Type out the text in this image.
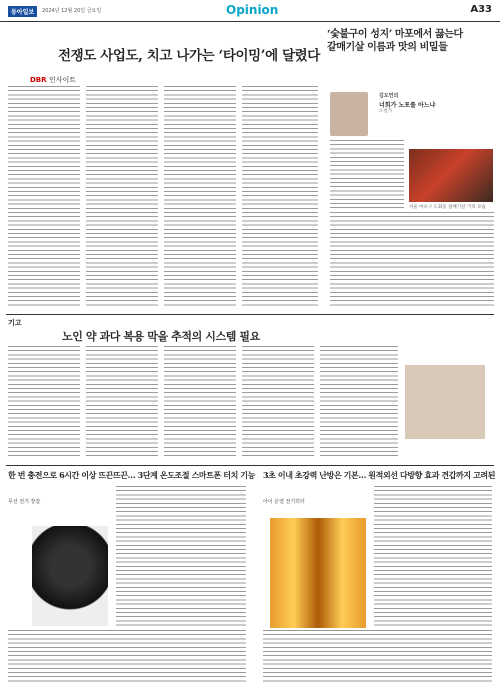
동아일보	2024년 12월 20일 금요일	Opinion	A33
전쟁도 사업도, 치고 나가는 ‘타이밍’에 달렸다
DBR 인사이트
‘숯불구이 성지’ 마포에서 끓는다
갈매기살 이름과 맛의 비밀들
김도언의
너희가 노포를 아느냐
소설가
서울 마포구 도화동 갈매기살 거리 모습
기고
노인 약 과다 복용 막을 추적의 시스템 필요
한 번 충전으로 6시간 이상 뜨끈뜨끈… 3단계 온도조절 스마트폰 터치 기능 3초 이내 초강력 난방은 기본… 원적외선 다방향 효과 견갑까지 고려된
무선 전기 장갑	아이 온열 전기히터
